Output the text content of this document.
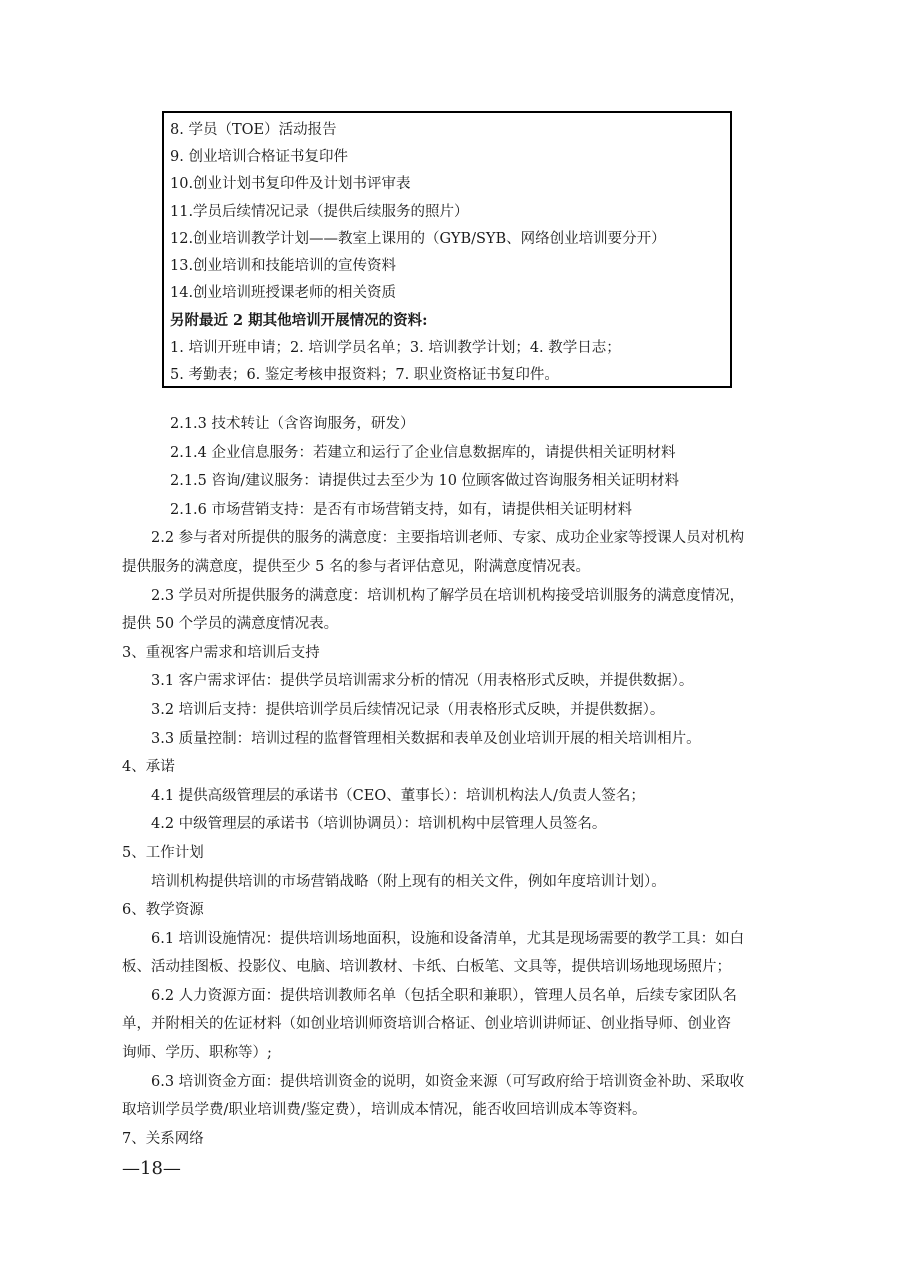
8. 学员（TOE）活动报告
9. 创业培训合格证书复印件
10.创业计划书复印件及计划书评审表
11.学员后续情况记录（提供后续服务的照片）
12.创业培训教学计划——教室上课用的（GYB/SYB、网络创业培训要分开）
13.创业培训和技能培训的宣传资料
14.创业培训班授课老师的相关资质
另附最近 2 期其他培训开展情况的资料:
1. 培训开班申请；2. 培训学员名单；3. 培训教学计划；4. 教学日志；
5. 考勤表；6. 鉴定考核申报资料；7. 职业资格证书复印件。
2.1.3 技术转让（含咨询服务，研发）
2.1.4 企业信息服务：若建立和运行了企业信息数据库的，请提供相关证明材料
2.1.5 咨询/建议服务：请提供过去至少为 10 位顾客做过咨询服务相关证明材料
2.1.6 市场营销支持：是否有市场营销支持，如有，请提供相关证明材料
2.2 参与者对所提供的服务的满意度：主要指培训老师、专家、成功企业家等授课人员对机构
提供服务的满意度，提供至少 5 名的参与者评估意见，附满意度情况表。
2.3 学员对所提供服务的满意度：培训机构了解学员在培训机构接受培训服务的满意度情况，
提供 50 个学员的满意度情况表。
3、重视客户需求和培训后支持
3.1 客户需求评估：提供学员培训需求分析的情况（用表格形式反映，并提供数据）。
3.2 培训后支持：提供培训学员后续情况记录（用表格形式反映，并提供数据）。
3.3 质量控制：培训过程的监督管理相关数据和表单及创业培训开展的相关培训相片。
4、承诺
4.1 提供高级管理层的承诺书（CEO、董事长）：培训机构法人/负责人签名；
4.2 中级管理层的承诺书（培训协调员）：培训机构中层管理人员签名。
5、工作计划
培训机构提供培训的市场营销战略（附上现有的相关文件，例如年度培训计划）。
6、教学资源
6.1 培训设施情况：提供培训场地面积，设施和设备清单，尤其是现场需要的教学工具：如白
板、活动挂图板、投影仪、电脑、培训教材、卡纸、白板笔、文具等，提供培训场地现场照片；
6.2 人力资源方面：提供培训教师名单（包括全职和兼职），管理人员名单，后续专家团队名
单，并附相关的佐证材料（如创业培训师资培训合格证、创业培训讲师证、创业指导师、创业咨
询师、学历、职称等）;
6.3 培训资金方面：提供培训资金的说明，如资金来源（可写政府给于培训资金补助、采取收
取培训学员学费/职业培训费/鉴定费），培训成本情况，能否收回培训成本等资料。
7、关系网络
—18—
